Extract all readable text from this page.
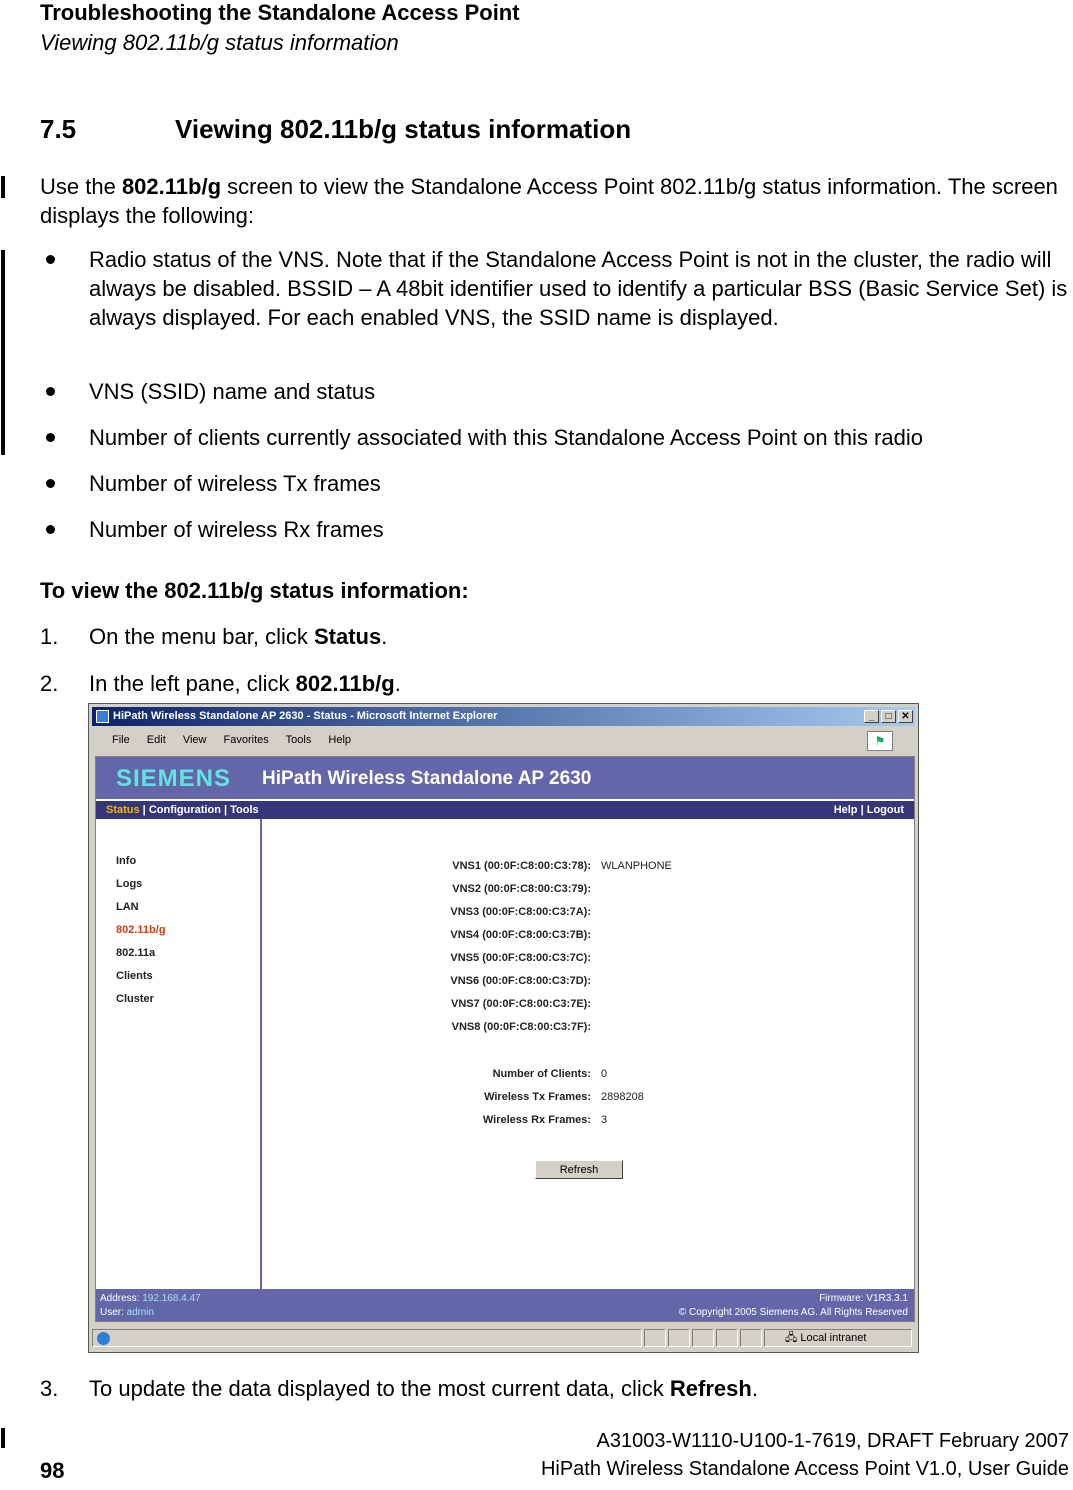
Troubleshooting the Standalone Access Point
Viewing 802.11b/g status information
7.5	Viewing 802.11b/g status information
Use the 802.11b/g screen to view the Standalone Access Point 802.11b/g status information. The screen displays the following:
Radio status of the VNS. Note that if the Standalone Access Point is not in the cluster, the radio will always be disabled. BSSID – A 48bit identifier used to identify a particular BSS (Basic Service Set) is always displayed. For each enabled VNS, the SSID name is displayed.
VNS (SSID) name and status
Number of clients currently associated with this Standalone Access Point on this radio
Number of wireless Tx frames
Number of wireless Rx frames
To view the 802.11b/g status information:
1. On the menu bar, click Status.
2. In the left pane, click 802.11b/g.
HiPath Wireless Standalone AP 2630 - Status - Microsoft Internet Explorer	_	□ ✕
File Edit View Favorites Tools Help	⚑
SIEMENS HiPath Wireless Standalone AP 2630
Status | Configuration | Tools	Help | Logout
Info
Logs
LAN
802.11b/g
802.11a
Clients
Cluster
VNS1 (00:0F:C8:00:C3:78): WLANPHONE
VNS2 (00:0F:C8:00:C3:79):
VNS3 (00:0F:C8:00:C3:7A):
VNS4 (00:0F:C8:00:C3:7B):
VNS5 (00:0F:C8:00:C3:7C):
VNS6 (00:0F:C8:00:C3:7D):
VNS7 (00:0F:C8:00:C3:7E):
VNS8 (00:0F:C8:00:C3:7F):
Number of Clients: 0
Wireless Tx Frames: 2898208
Wireless Rx Frames: 3
Refresh
Address: 192.168.4.47
User: admin
Firmware: V1R3.3.1
© Copyright 2005 Siemens AG. All Rights Reserved
🖧 Local intranet
3. To update the data displayed to the most current data, click Refresh.
98
A31003-W1110-U100-1-7619, DRAFT February 2007
HiPath Wireless Standalone Access Point V1.0, User Guide
